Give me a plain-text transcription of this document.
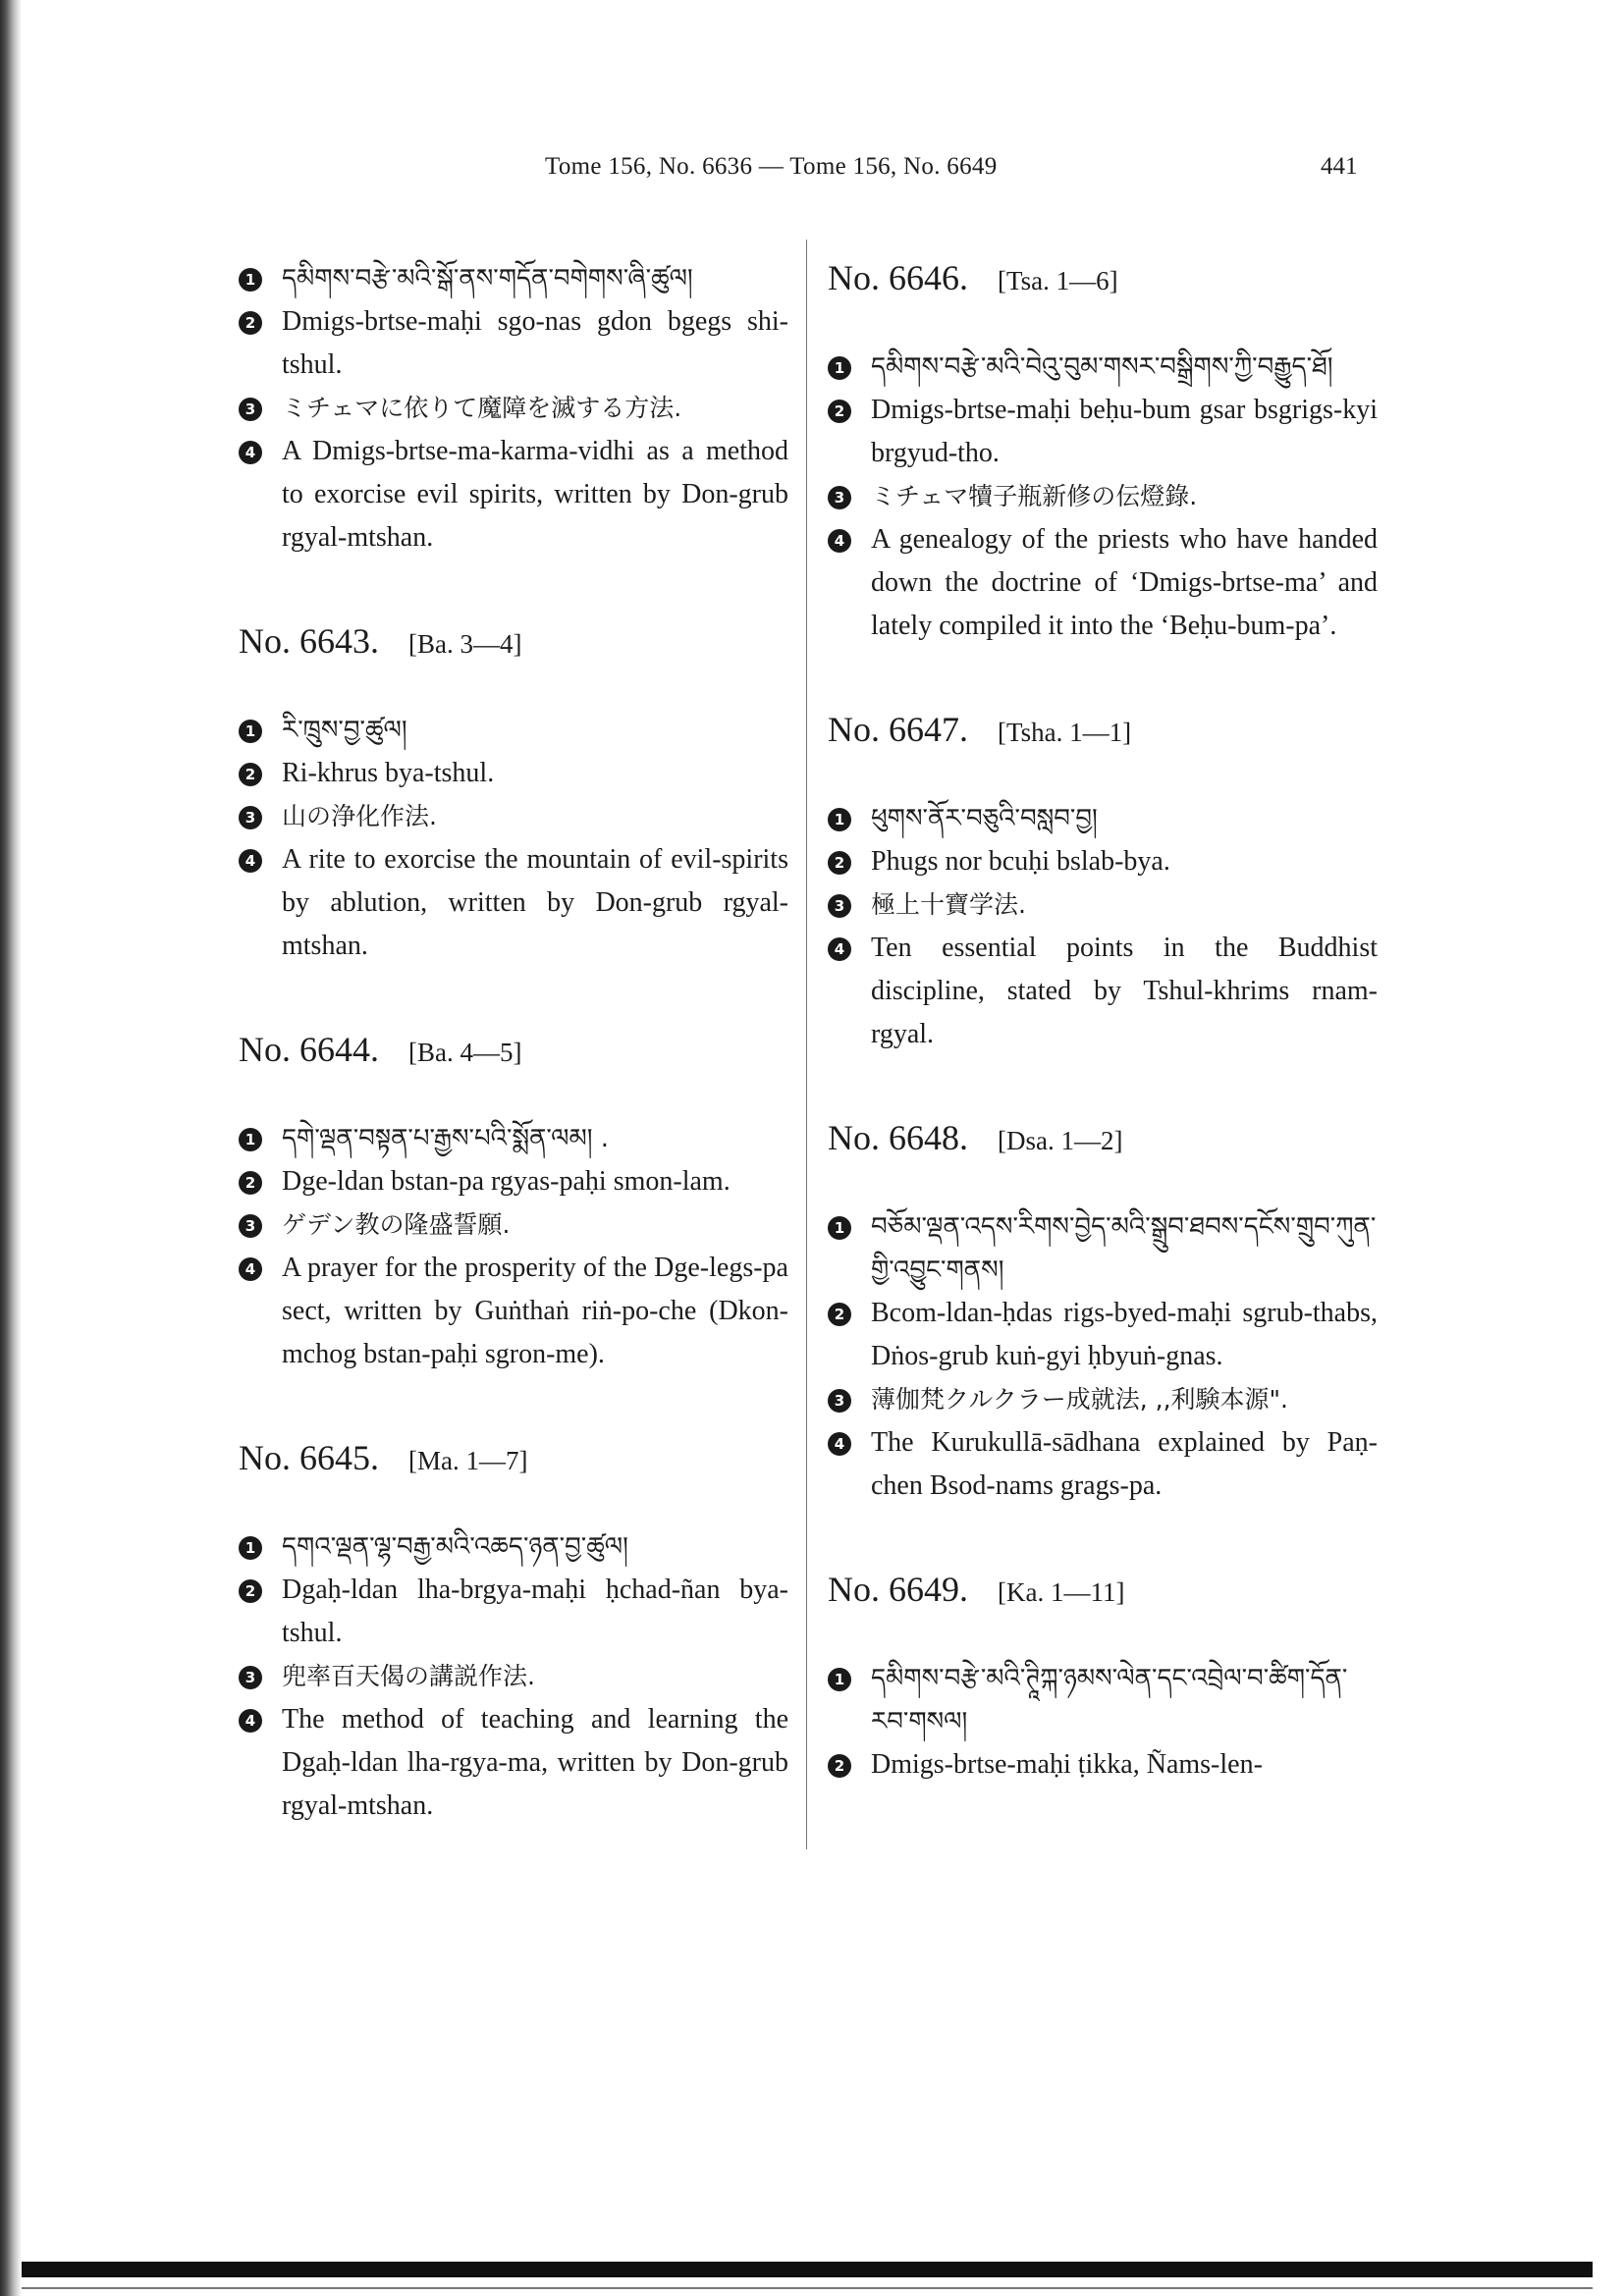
Tome 156, No. 6636 — Tome 156, No. 6649	441
1 དམིགས་བརྩེ་མའི་སྒོ་ནས་གདོན་བགེགས་ཞི་ཚུལ།
2 Dmigs-brtse-maḥi sgo-nas gdon bgegs shi-tshul.
3 ミチェマに依りて魔障を滅する方法.
4 A Dmigs-brtse-ma-karma-vidhi as a method to exorcise evil spirits, written by Don-grub rgyal-mtshan.
No. 6643. [Ba. 3—4]
1 རི་ཁྲུས་བྱ་ཚུལ།
2 Ri-khrus bya-tshul.
3 山の浄化作法.
4 A rite to exorcise the mountain of evil-spirits by ablution, written by Don-grub rgyal-mtshan.
No. 6644. [Ba. 4—5]
1 དགེ་ལྡན་བསྟན་པ་རྒྱས་པའི་སྨོན་ལམ། .
2 Dge-ldan bstan-pa rgyas-paḥi smon-lam.
3 ゲデン教の隆盛誓願.
4 A prayer for the prosperity of the Dge-legs-pa sect, written by Guṅthaṅ riṅ-po-che (Dkon-mchog bstan-paḥi sgron-me).
No. 6645. [Ma. 1—7]
1 དགའ་ལྡན་ལྷ་བརྒྱ་མའི་འཆད་ཉན་བྱ་ཚུལ།
2 Dgaḥ-ldan lha-brgya-maḥi ḥchad-ñan bya-tshul.
3 兜率百天偈の講説作法.
4 The method of teaching and learning the Dgaḥ-ldan lha-rgya-ma, written by Don-grub rgyal-mtshan.
No. 6646. [Tsa. 1—6]
1 དམིགས་བརྩེ་མའི་བེའུ་བུམ་གསར་བསྒྲིགས་ཀྱི་བརྒྱུད་ཐོ།
2 Dmigs-brtse-maḥi beḥu-bum gsar bsgrigs-kyi brgyud-tho.
3 ミチェマ犢子瓶新修の伝燈錄.
4 A genealogy of the priests who have handed down the doctrine of ‘Dmigs-brtse-ma’ and lately compiled it into the ‘Beḥu-bum-pa’.
No. 6647. [Tsha. 1—1]
1 ཕུགས་ནོར་བཅུའི་བསླབ་བྱ།
2 Phugs nor bcuḥi bslab-bya.
3 極上十寶学法.
4 Ten essential points in the Buddhist discipline, stated by Tshul-khrims rnam-rgyal.
No. 6648. [Dsa. 1—2]
1 བཅོམ་ལྡན་འདས་རིགས་བྱེད་མའི་སྒྲུབ་ཐབས་དངོས་གྲུབ་ཀུན་གྱི་འབྱུང་གནས།
2 Bcom-ldan-ḥdas rigs-byed-maḥi sgrub-thabs, Dṅos-grub kuṅ-gyi ḥbyuṅ-gnas.
3 薄伽梵クルクラー成就法, ,,利験本源".
4 The Kurukullā-sādhana explained by Paṇ-chen Bsod-nams grags-pa.
No. 6649. [Ka. 1—11]
1 དམིགས་བརྩེ་མའི་ཊཱིཀྐ་ཉམས་ལེན་དང་འབྲེལ་བ་ཚིག་དོན་རབ་གསལ།
2 Dmigs-brtse-maḥi ṭikka, Ñams-len-
